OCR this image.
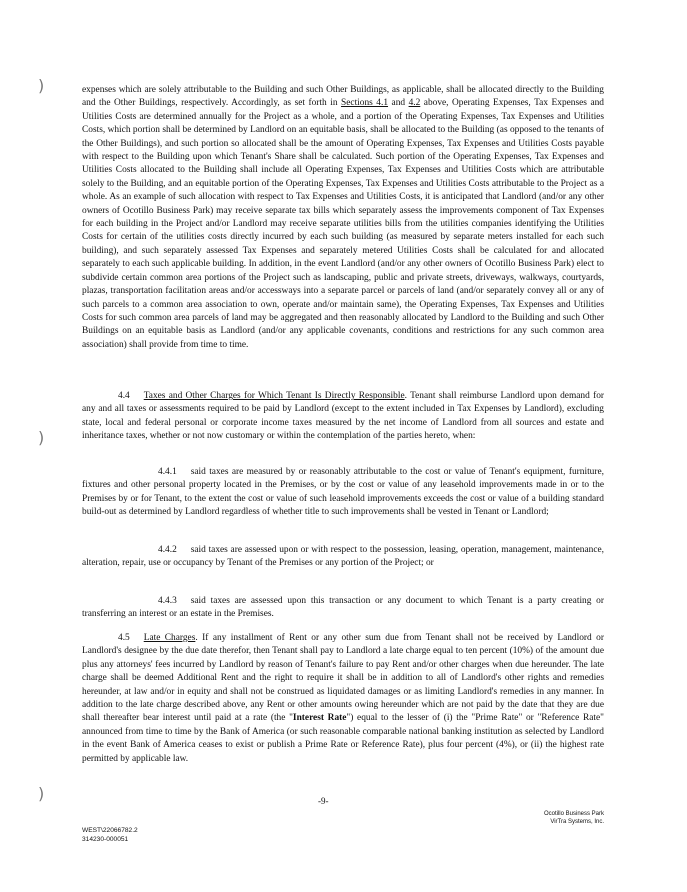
)
)
)

expenses which are solely attributable to the Building and such Other Buildings, as applicable, shall be allocated directly to the Building and the Other Buildings, respectively. Accordingly, as set forth in Sections 4.1 and 4.2 above, Operating Expenses, Tax Expenses and Utilities Costs are determined annually for the Project as a whole, and a portion of the Operating Expenses, Tax Expenses and Utilities Costs, which portion shall be determined by Landlord on an equitable basis, shall be allocated to the Building (as opposed to the tenants of the Other Buildings), and such portion so allocated shall be the amount of Operating Expenses, Tax Expenses and Utilities Costs payable with respect to the Building upon which Tenant's Share shall be calculated. Such portion of the Operating Expenses, Tax Expenses and Utilities Costs allocated to the Building shall include all Operating Expenses, Tax Expenses and Utilities Costs which are attributable solely to the Building, and an equitable portion of the Operating Expenses, Tax Expenses and Utilities Costs attributable to the Project as a whole. As an example of such allocation with respect to Tax Expenses and Utilities Costs, it is anticipated that Landlord (and/or any other owners of Ocotillo Business Park) may receive separate tax bills which separately assess the improvements component of Tax Expenses for each building in the Project and/or Landlord may receive separate utilities bills from the utilities companies identifying the Utilities Costs for certain of the utilities costs directly incurred by each such building (as measured by separate meters installed for each such building), and such separately assessed Tax Expenses and separately metered Utilities Costs shall be calculated for and allocated separately to each such applicable building. In addition, in the event Landlord (and/or any other owners of Ocotillo Business Park) elect to subdivide certain common area portions of the Project such as landscaping, public and private streets, driveways, walkways, courtyards, plazas, transportation facilitation areas and/or accessways into a separate parcel or parcels of land (and/or separately convey all or any of such parcels to a common area association to own, operate and/or maintain same), the Operating Expenses, Tax Expenses and Utilities Costs for such common area parcels of land may be aggregated and then reasonably allocated by Landlord to the Building and such Other Buildings on an equitable basis as Landlord (and/or any applicable covenants, conditions and restrictions for any such common area association) shall provide from time to time.

4.4 Taxes and Other Charges for Which Tenant Is Directly Responsible. Tenant shall reimburse Landlord upon demand for any and all taxes or assessments required to be paid by Landlord (except to the extent included in Tax Expenses by Landlord), excluding state, local and federal personal or corporate income taxes measured by the net income of Landlord from all sources and estate and inheritance taxes, whether or not now customary or within the contemplation of the parties hereto, when:

4.4.1 said taxes are measured by or reasonably attributable to the cost or value of Tenant's equipment, furniture, fixtures and other personal property located in the Premises, or by the cost or value of any leasehold improvements made in or to the Premises by or for Tenant, to the extent the cost or value of such leasehold improvements exceeds the cost or value of a building standard build-out as determined by Landlord regardless of whether title to such improvements shall be vested in Tenant or Landlord;

4.4.2 said taxes are assessed upon or with respect to the possession, leasing, operation, management, maintenance, alteration, repair, use or occupancy by Tenant of the Premises or any portion of the Project; or

4.4.3 said taxes are assessed upon this transaction or any document to which Tenant is a party creating or transferring an interest or an estate in the Premises.

4.5 Late Charges. If any installment of Rent or any other sum due from Tenant shall not be received by Landlord or Landlord's designee by the due date therefor, then Tenant shall pay to Landlord a late charge equal to ten percent (10%) of the amount due plus any attorneys' fees incurred by Landlord by reason of Tenant's failure to pay Rent and/or other charges when due hereunder. The late charge shall be deemed Additional Rent and the right to require it shall be in addition to all of Landlord's other rights and remedies hereunder, at law and/or in equity and shall not be construed as liquidated damages or as limiting Landlord's remedies in any manner. In addition to the late charge described above, any Rent or other amounts owing hereunder which are not paid by the date that they are due shall thereafter bear interest until paid at a rate (the "Interest Rate") equal to the lesser of (i) the "Prime Rate" or "Reference Rate" announced from time to time by the Bank of America (or such reasonable comparable national banking institution as selected by Landlord in the event Bank of America ceases to exist or publish a Prime Rate or Reference Rate), plus four percent (4%), or (ii) the highest rate permitted by applicable law.

-9-
Ocotillo Business Park
VirTra Systems, Inc.
WEST\22066782.2
314230-000051
